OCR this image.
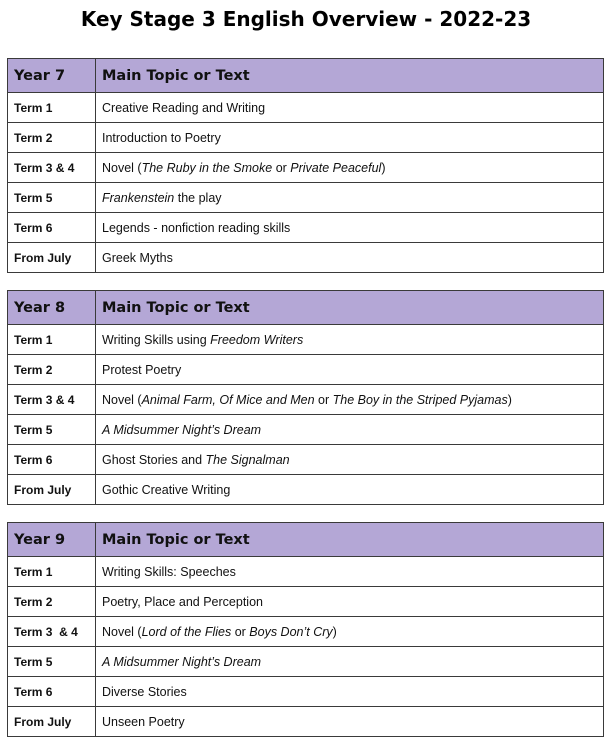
Key Stage 3 English Overview - 2022-23
Year 7	Main Topic or Text
Term 1	Creative Reading and Writing
Term 2	Introduction to Poetry
Term 3 & 4	Novel (The Ruby in the Smoke or Private Peaceful)
Term 5	Frankenstein the play
Term 6	Legends - nonfiction reading skills
From July	Greek Myths
Year 8	Main Topic or Text
Term 1	Writing Skills using Freedom Writers
Term 2	Protest Poetry
Term 3 & 4	Novel (Animal Farm, Of Mice and Men or The Boy in the Striped Pyjamas)
Term 5	A Midsummer Night’s Dream
Term 6	Ghost Stories and The Signalman
From July	Gothic Creative Writing
Year 9	Main Topic or Text
Term 1	Writing Skills: Speeches
Term 2	Poetry, Place and Perception
Term 3  & 4	Novel (Lord of the Flies or Boys Don’t Cry)
Term 5	A Midsummer Night’s Dream
Term 6	Diverse Stories
From July	Unseen Poetry
